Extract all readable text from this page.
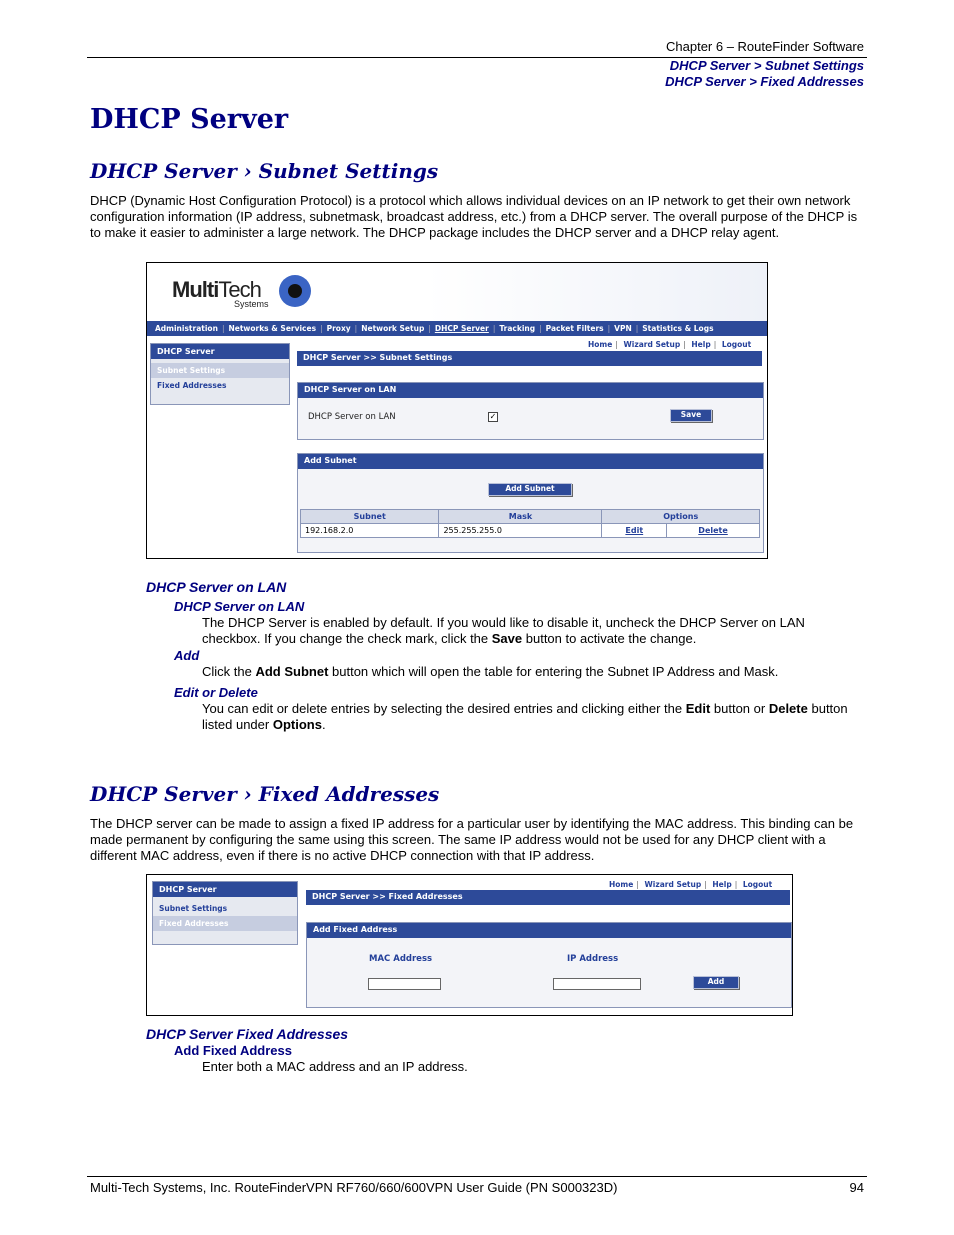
Chapter 6 – RouteFinder Software
DHCP Server > Subnet Settings
DHCP Server > Fixed Addresses
DHCP Server
DHCP Server › Subnet Settings
DHCP (Dynamic Host Configuration Protocol) is a protocol which allows individual devices on an IP network to get their own network configuration information (IP address, subnetmask, broadcast address, etc.) from a DHCP server. The overall purpose of the DHCP is to make it easier to administer a large network. The DHCP package includes the DHCP server and a DHCP relay agent.
MultiTech
Systems
Administration | Networks & Services | Proxy | Network Setup | DHCP Server | Tracking | Packet Filters | VPN | Statistics & Logs
Home | Wizard Setup | Help | Logout
DHCP Server
Subnet Settings
Fixed Addresses
DHCP Server >> Subnet Settings
DHCP Server on LAN
DHCP Server on LAN	✓	Save
Add Subnet
Add Subnet
Subnet	Mask	Options	
192.168.2.0	255.255.255.0	Edit	Delete
DHCP Server on LAN
DHCP Server on LAN
The DHCP Server is enabled by default. If you would like to disable it, uncheck the DHCP Server on LAN checkbox. If you change the check mark, click the Save button to activate the change.
Add
Click the Add Subnet button which will open the table for entering the Subnet IP Address and Mask.
Edit or Delete
You can edit or delete entries by selecting the desired entries and clicking either the Edit button or Delete button listed under Options.
DHCP Server › Fixed Addresses
The DHCP server can be made to assign a fixed IP address for a particular user by identifying the MAC address. This binding can be made permanent by configuring the same using this screen. The same IP address would not be used for any DHCP client with a different MAC address, even if there is no active DHCP connection with that IP address.
Home | Wizard Setup | Help | Logout
DHCP Server
Subnet Settings
Fixed Addresses
DHCP Server >> Fixed Addresses
Add Fixed Address
MAC Address	IP Address
Add
DHCP Server Fixed Addresses
Add Fixed Address
Enter both a MAC address and an IP address.
Multi-Tech Systems, Inc. RouteFinderVPN RF760/660/600VPN User Guide (PN S000323D)	94
